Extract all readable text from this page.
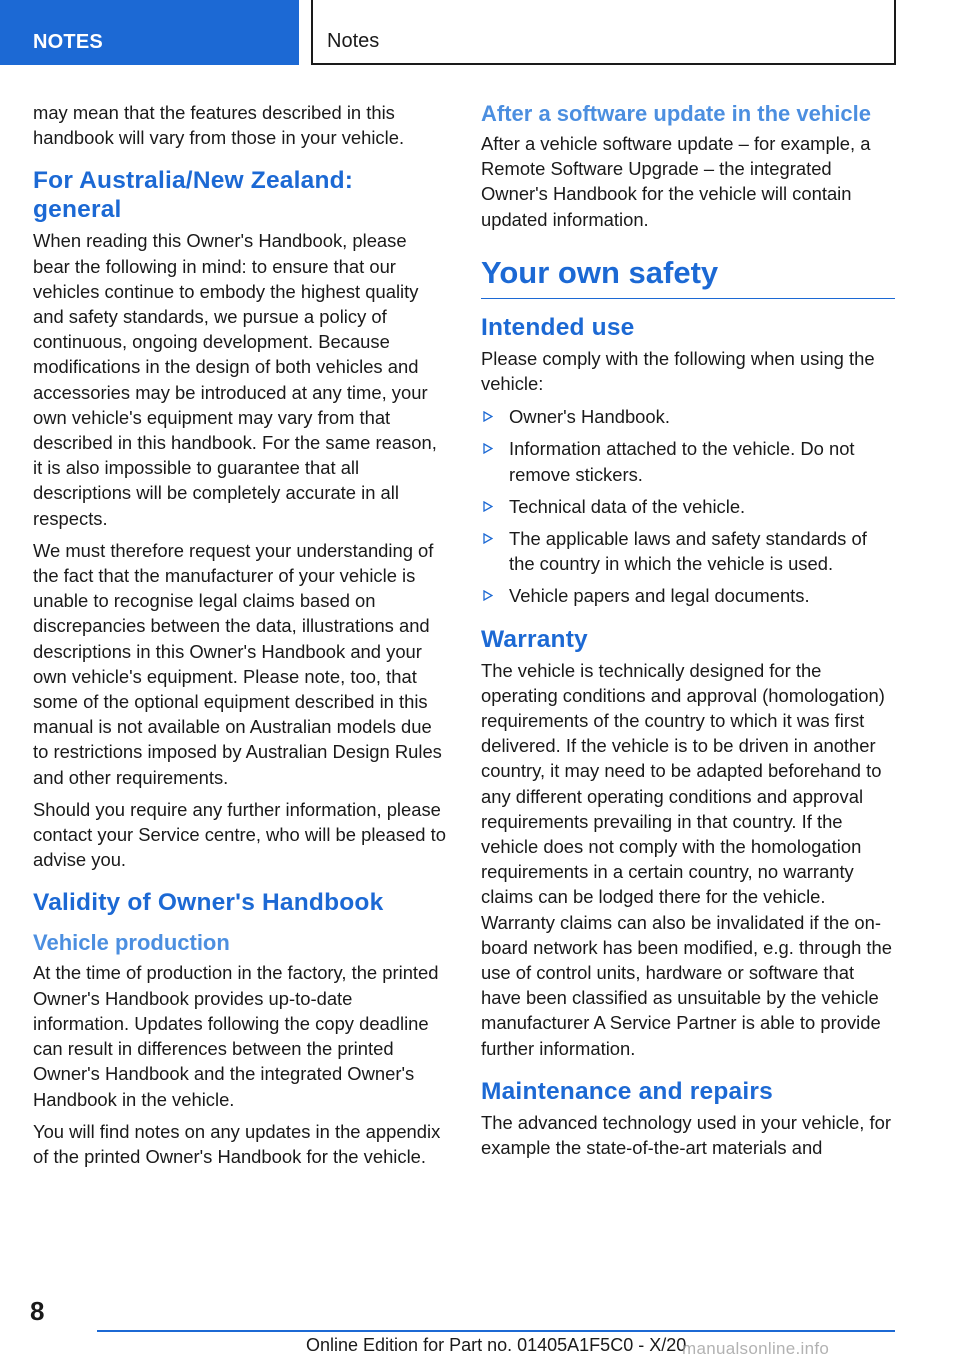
NOTES	Notes

may mean that the features described in this handbook will vary from those in your vehicle.

For Australia/New Zealand: general

When reading this Owner's Handbook, please bear the following in mind: to ensure that our vehicles continue to embody the highest quality and safety standards, we pursue a policy of continuous, ongoing development. Because modifications in the design of both vehicles and accessories may be introduced at any time, your own vehicle's equipment may vary from that described in this handbook. For the same reason, it is also impossible to guarantee that all descriptions will be completely accurate in all respects.

We must therefore request your understanding of the fact that the manufacturer of your vehicle is unable to recognise legal claims based on discrepancies between the data, illustrations and descriptions in this Owner's Handbook and your own vehicle's equipment. Please note, too, that some of the optional equipment described in this manual is not available on Australian models due to restrictions imposed by Australian Design Rules and other requirements.

Should you require any further information, please contact your Service centre, who will be pleased to advise you.

Validity of Owner's Handbook
Vehicle production

At the time of production in the factory, the printed Owner's Handbook provides up-to-date information. Updates following the copy deadline can result in differences between the printed Owner's Handbook and the integrated Owner's Handbook in the vehicle.

You will find notes on any updates in the appendix of the printed Owner's Handbook for the vehicle.

After a software update in the vehicle

After a vehicle software update – for example, a Remote Software Upgrade – the integrated Owner's Handbook for the vehicle will contain updated information.

Your own safety
Intended use

Please comply with the following when using the vehicle:

Owner's Handbook.
Information attached to the vehicle. Do not remove stickers.
Technical data of the vehicle.
The applicable laws and safety standards of the country in which the vehicle is used.
Vehicle papers and legal documents.
Warranty

The vehicle is technically designed for the operating conditions and approval (homologation) requirements of the country to which it was first delivered. If the vehicle is to be driven in another country, it may need to be adapted beforehand to any different operating conditions and approval requirements prevailing in that country. If the vehicle does not comply with the homologation requirements in a certain country, no warranty claims can be lodged there for the vehicle. Warranty claims can also be invalidated if the on-board network has been modified, e.g. through the use of control units, hardware or software that have been classified as unsuitable by the vehicle manufacturer A Service Partner is able to provide further information.

Maintenance and repairs

The advanced technology used in your vehicle, for example the state-of-the-art materials and

8
Online Edition for Part no. 01405A1F5C0 - X/20
manualsonline.info
